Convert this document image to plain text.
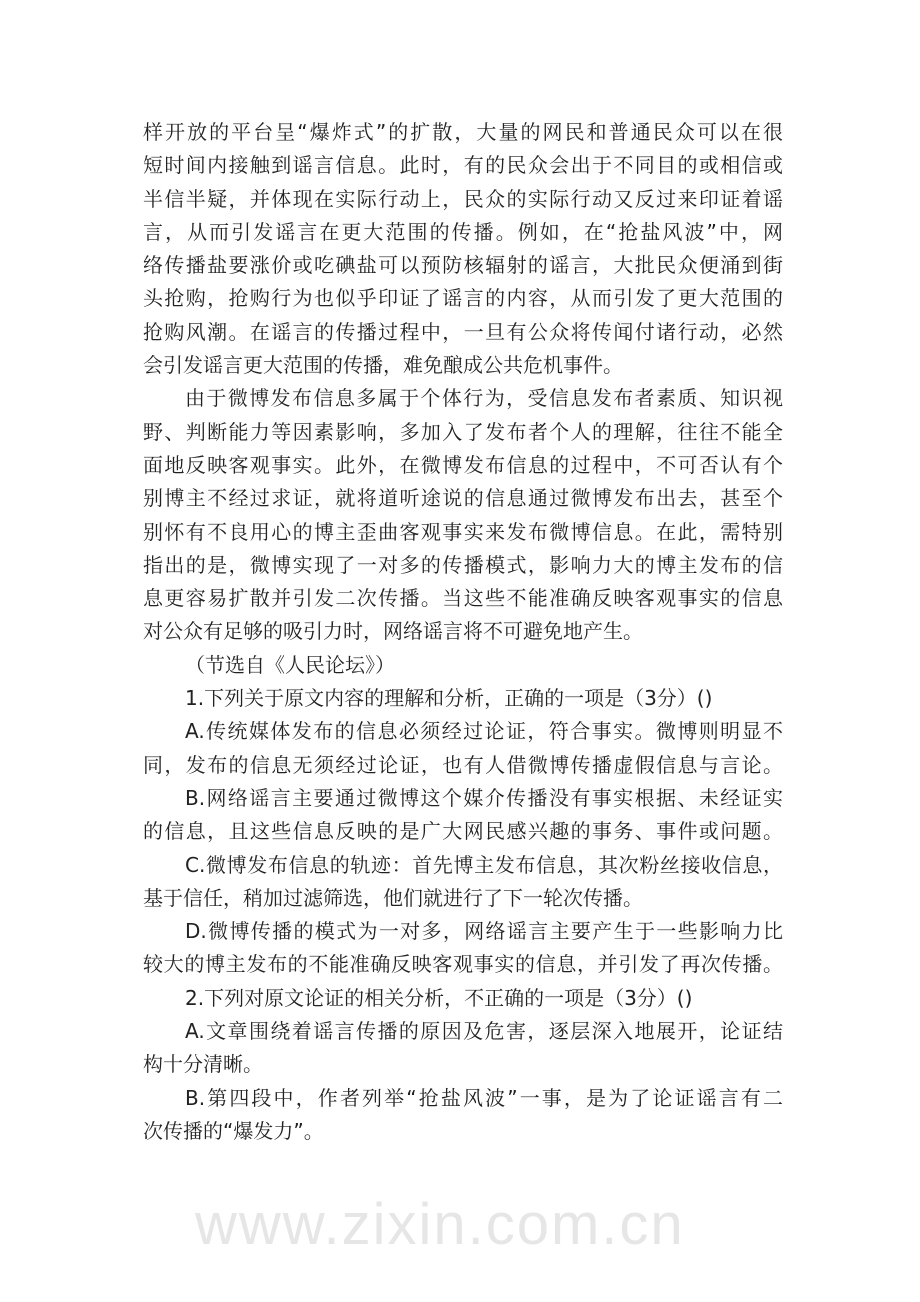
www.zixin.com.cn
样开放的平台呈“爆炸式”的扩散，大量的网民和普通民众可以在很
短时间内接触到谣言信息。此时，有的民众会出于不同目的或相信或
半信半疑，并体现在实际行动上，民众的实际行动又反过来印证着谣
言，从而引发谣言在更大范围的传播。例如，在“抢盐风波”中，网
络传播盐要涨价或吃碘盐可以预防核辐射的谣言，大批民众便涌到街
头抢购，抢购行为也似乎印证了谣言的内容，从而引发了更大范围的
抢购风潮。在谣言的传播过程中，一旦有公众将传闻付诸行动，必然
会引发谣言更大范围的传播，难免酿成公共危机事件。
由于微博发布信息多属于个体行为，受信息发布者素质、知识视
野、判断能力等因素影响，多加入了发布者个人的理解，往往不能全
面地反映客观事实。此外，在微博发布信息的过程中，不可否认有个
别博主不经过求证，就将道听途说的信息通过微博发布出去，甚至个
别怀有不良用心的博主歪曲客观事实来发布微博信息。在此，需特别
指出的是，微博实现了一对多的传播模式，影响力大的博主发布的信
息更容易扩散并引发二次传播。当这些不能准确反映客观事实的信息
对公众有足够的吸引力时，网络谣言将不可避免地产生。
（节选自《人民论坛》）
1.下列关于原文内容的理解和分析，正确的一项是（3分）()
A.传统媒体发布的信息必须经过论证，符合事实。微博则明显不
同，发布的信息无须经过论证，也有人借微博传播虚假信息与言论。
B.网络谣言主要通过微博这个媒介传播没有事实根据、未经证实
的信息，且这些信息反映的是广大网民感兴趣的事务、事件或问题。
C.微博发布信息的轨迹：首先博主发布信息，其次粉丝接收信息，
基于信任，稍加过滤筛选，他们就进行了下一轮次传播。
D.微博传播的模式为一对多，网络谣言主要产生于一些影响力比
较大的博主发布的不能准确反映客观事实的信息，并引发了再次传播。
2.下列对原文论证的相关分析，不正确的一项是（3分）()
A.文章围绕着谣言传播的原因及危害，逐层深入地展开，论证结
构十分清晰。
B.第四段中，作者列举“抢盐风波”一事，是为了论证谣言有二
次传播的“爆发力”。
